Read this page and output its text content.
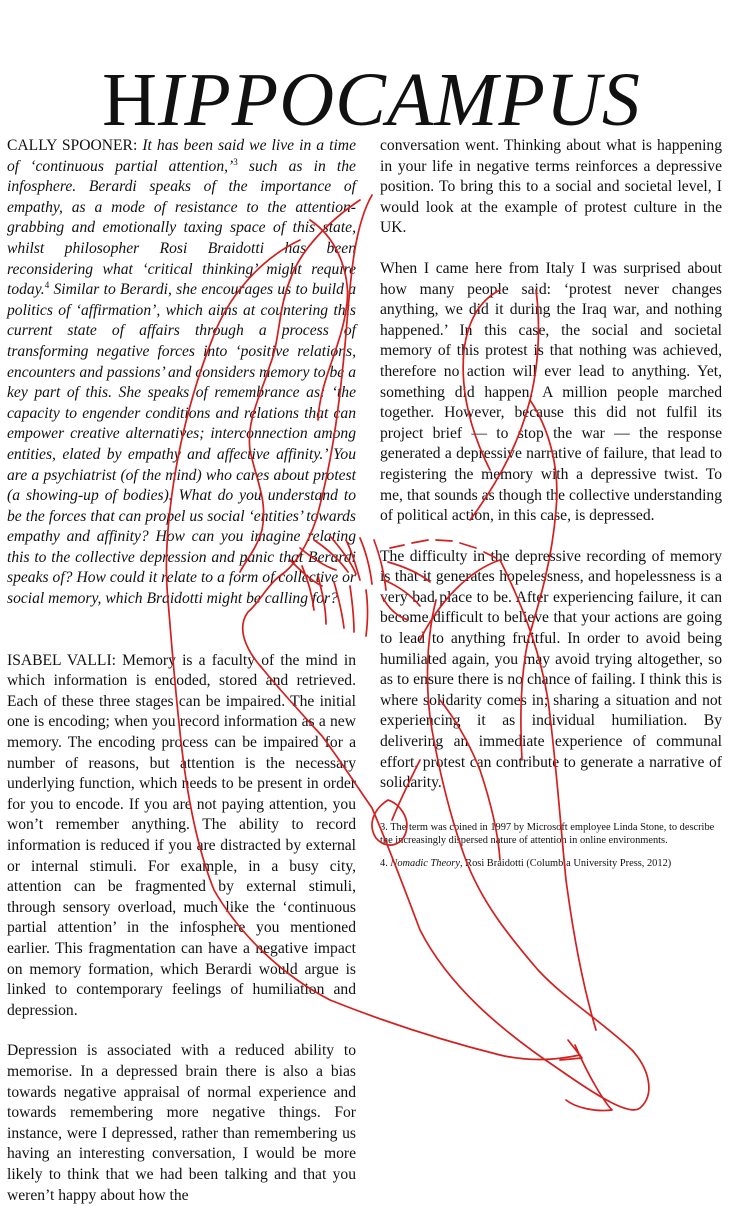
HIPPOCAMPUS

CALLY SPOONER: It has been said we live in a time of ‘continuous partial attention,’$^3$ such as in the infosphere. Berardi speaks of the importance of empathy, as a mode of resistance to the attention-grabbing and emotionally taxing space of this state, whilst philosopher Rosi Braidotti has been reconsidering what ‘critical thinking’ might require today.$^4$ Similar to Berardi, she encourages us to build a politics of ‘affirmation’, which aims at countering this current state of affairs through a process of transforming negative forces into ‘positive relations, encounters and passions’ and considers memory to be a key part of this. She speaks of remembrance as: ‘the capacity to engender conditions and relations that can empower creative alternatives; interconnection among entities, elated by empathy and affective affinity.’ You are a psychiatrist (of the mind) who cares about protest (a showing-up of bodies). What do you understand to be the forces that can propel us social ‘entities’ towards empathy and affinity? How can you imagine relating this to the collective depression and panic that Berardi speaks of? How could it relate to a form of collective or social memory, which Braidotti might be calling for?

ISABEL VALLI: Memory is a faculty of the mind in which information is encoded, stored and retrieved. Each of these three stages can be impaired. The initial one is encoding; when you record information as a new memory. The encoding process can be impaired for a number of reasons, but attention is the necessary underlying function, which needs to be present in order for you to encode. If you are not paying attention, you won’t remember anything. The ability to record information is reduced if you are distracted by external or internal stimuli. For example, in a busy city, attention can be fragmented by external stimuli, through sensory overload, much like the ‘continuous partial attention’ in the infosphere you mentioned earlier. This fragmentation can have a negative impact on memory formation, which Berardi would argue is linked to contemporary feelings of humiliation and depression.

Depression is associated with a reduced ability to memorise. In a depressed brain there is also a bias towards negative appraisal of normal experience and towards remembering more negative things. For instance, were I depressed, rather than remembering us having an interesting conversation, I would be more likely to think that we had been talking and that you weren’t happy about how the

conversation went. Thinking about what is happening in your life in negative terms reinforces a depressive position. To bring this to a social and societal level, I would look at the example of protest culture in the UK.

When I came here from Italy I was surprised about how many people said: ‘protest never changes anything, we did it during the Iraq war, and nothing happened.’ In this case, the social and societal memory of this protest is that nothing was achieved, therefore no action will ever lead to anything. Yet, something did happen. A million people marched together. However, because this did not fulfil its project brief — to stop the war — the response generated a depressive narrative of failure, that lead to registering the memory with a depressive twist. To me, that sounds as though the collective understanding of political action, in this case, is depressed.

The difficulty in the depressive recording of memory is that it generates hopelessness, and hopelessness is a very bad place to be. After experiencing failure, it can become difficult to believe that your actions are going to lead to anything fruitful. In order to avoid being humiliated again, you may avoid trying altogether, so as to ensure there is no chance of failing. I think this is where solidarity comes in; sharing a situation and not experiencing it as individual humiliation. By delivering an immediate experience of communal effort, protest can contribute to generate a narrative of solidarity.

3. The term was coined in 1997 by Microsoft employee Linda Stone, to describe the increasingly dispersed nature of attention in online environments.

4. Nomadic Theory, Rosi Braidotti (Columbia University Press, 2012)
